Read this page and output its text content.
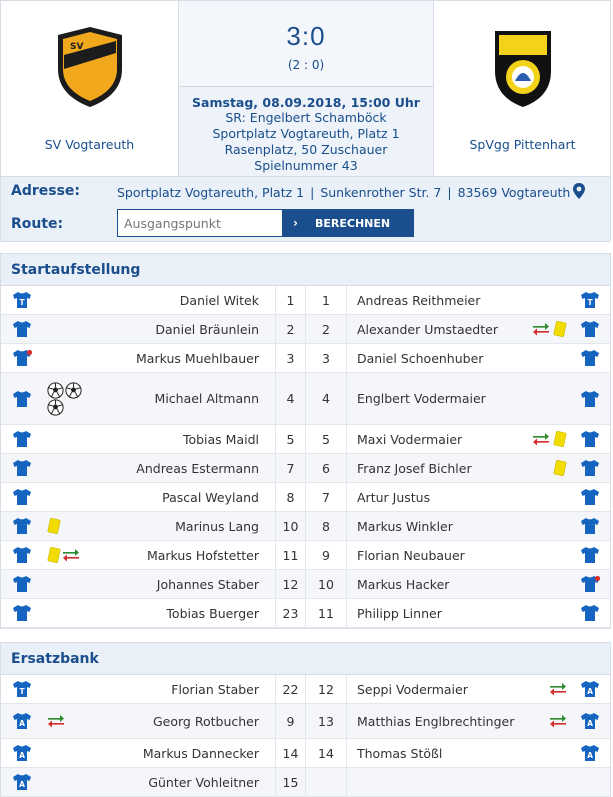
SV
SV Vogtareuth
3:0
(2 : 0)
Samstag, 08.09.2018, 15:00 Uhr
SR: Engelbert Schamböck
Sportplatz Vogtareuth, Platz 1
Rasenplatz, 50 Zuschauer
Spielnummer 43
SpVgg Pittenhart
Adresse:	Sportplatz Vogtareuth, Platz 1 | Sunkenrother Str. 7 | 83569 Vogtareuth
Route:
Ausgangspunkt	› BERECHNEN
Startaufstellung
T	Daniel Witek	1	1	Andreas Reithmeier	T
Daniel Bräunlein	2	2	Alexander Umstaedter
Markus Muehlbauer	3	3	Daniel Schoenhuber
Michael Altmann	4	4	Englbert Vodermaier
Tobias Maidl	5	5	Maxi Vodermaier
Andreas Estermann	7	6	Franz Josef Bichler
Pascal Weyland	8	7	Artur Justus
Marinus Lang	10	8	Markus Winkler
Markus Hofstetter	11	9	Florian Neubauer
Johannes Staber	12	10	Markus Hacker
Tobias Buerger	23	11	Philipp Linner
Ersatzbank
T	Florian Staber	22	12	Seppi Vodermaier	A
A	Georg Rotbucher	9	13	Matthias Englbrechtinger	A
A	Markus Dannecker	14	14	Thomas Stößl	A
A	Günter Vohleitner	15
